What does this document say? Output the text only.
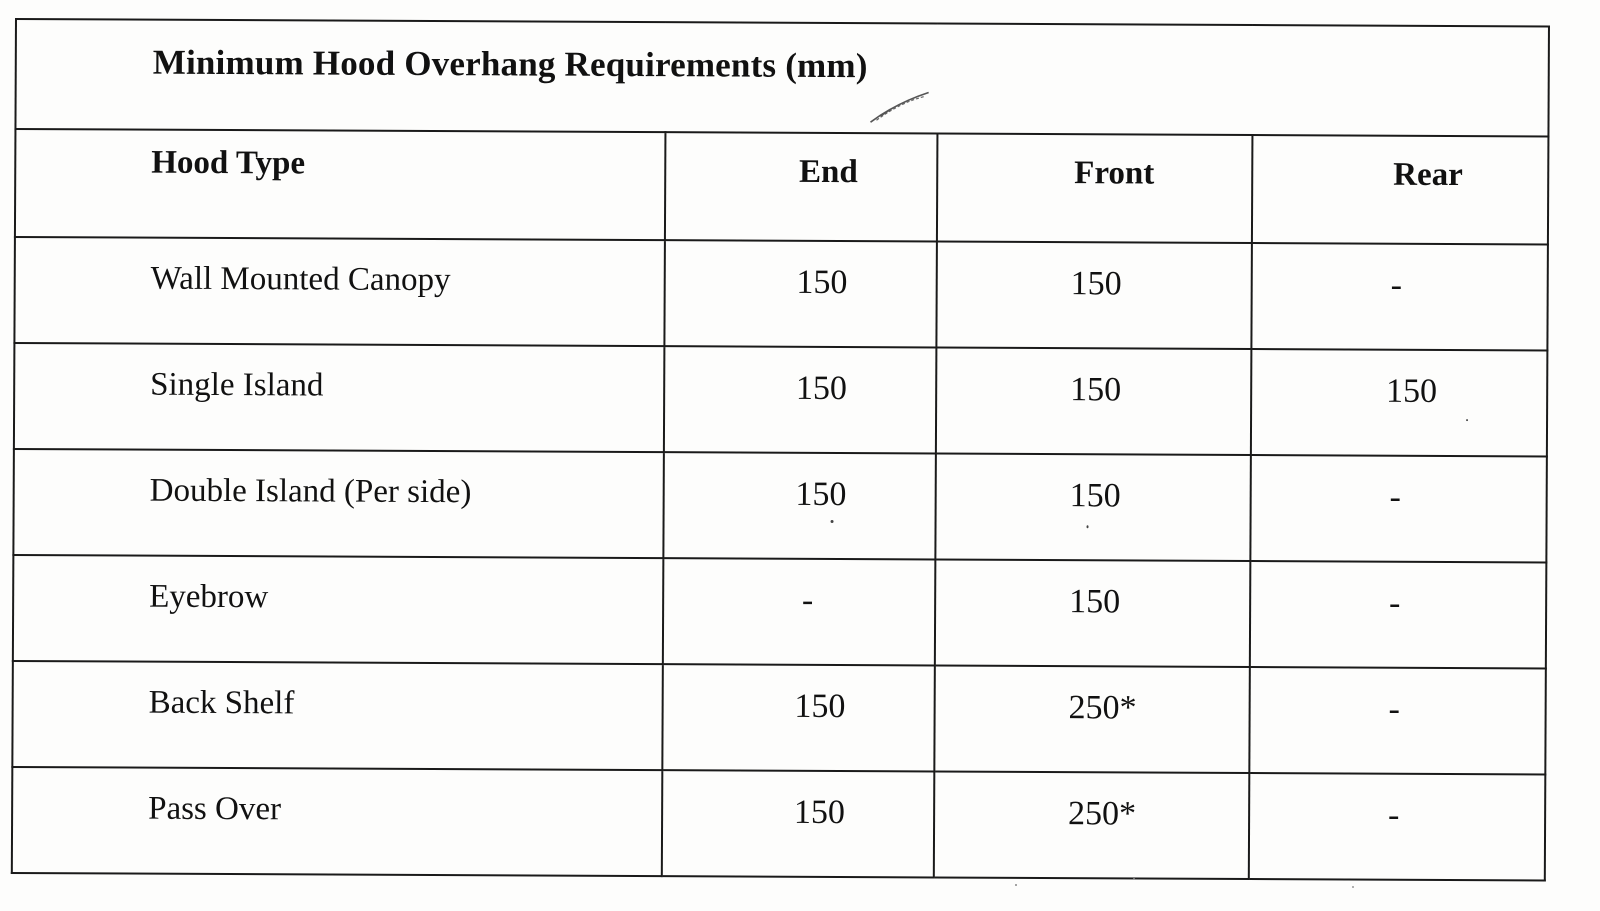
Minimum Hood Overhang Requirements (mm)			

Hood Type	End	Front	Rear

Wall Mounted Canopy	150	150	-

Single Island	150	150	150

Double Island (Per side)	150	150	-

Eyebrow	-	150	-

Back Shelf	150	250*	-

Pass Over	150	250*	-
